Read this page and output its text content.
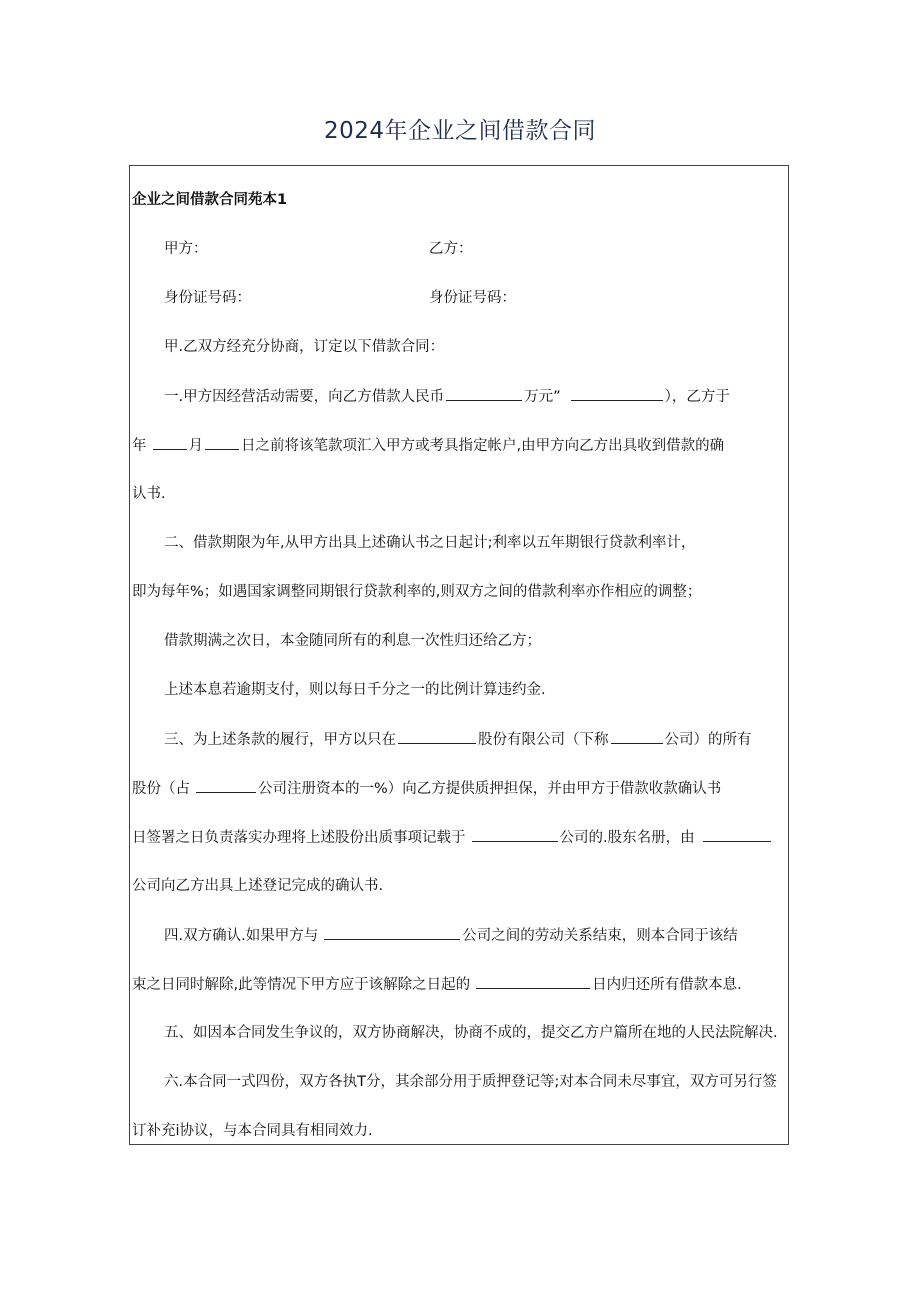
2024年企业之间借款合同
企业之间借款合同苑本1
甲方：	乙方：
身份证号码：	身份证号码：
甲.乙双方经充分协商，订定以下借款合同：
一.甲方因经营活动需要，向乙方借款人民币	万元”	），乙方于
年	月	日之前将该笔款项汇入甲方或考具指定帐户,由甲方向乙方出具收到借款的确
认书.
二、借款期限为年,从甲方出具上述确认书之日起计;利率以五年期银行贷款利率计，
即为每年%；如遇国家调整同期银行贷款利率的,则双方之间的借款利率亦作相应的调整；
借款期满之次日，本金随同所有的利息一次性归还给乙方；
上述本息若逾期支付，则以每日千分之一的比例计算违约金.
三、为上述条款的履行，甲方以只在	股份有限公司（下称	公司）的所有
股份（占	公司注册资本的一%）向乙方提供质押担保，并由甲方于借款收款确认书
日签署之日负责落实办理将上述股份出质事项记载于	公司的.股东名册，由
公司向乙方出具上述登记完成的确认书.
四.双方确认.如果甲方与	公司之间的劳动关系结束，则本合同于该结
束之日同时解除,此等情况下甲方应于该解除之日起的	日内归还所有借款本息.
五、如因本合同发生争议的，双方协商解决，协商不成的，提交乙方户篇所在地的人民法院解决.
六.本合同一式四份，双方各执T分，其余部分用于质押登记等;对本合同未尽事宜，双方可另行签
订补充i协议，与本合同具有相同效力.
